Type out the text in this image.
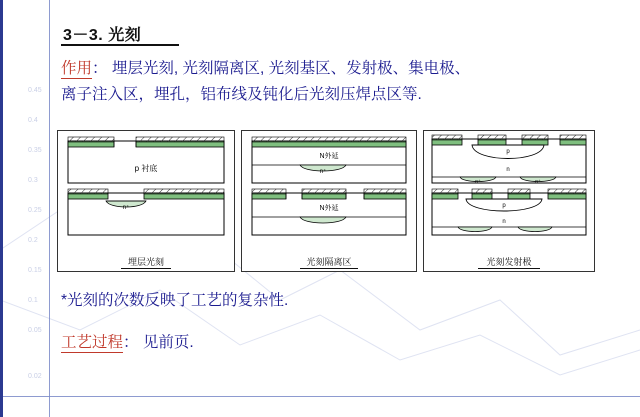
0.45
0.4
0.35
0.3
0.25
0.2
0.15
0.1
0.05
0.02
3－3. 光刻
作用： 埋层光刻, 光刻隔离区, 光刻基区、发射极、集电极、
离子注入区，埋孔，铝布线及钝化后光刻压焊点区等.
p 衬底
n⁺
埋层光刻
N外延
n⁺
N外延
光刻隔离区
p
n
n⁺	n⁺
p
n
光刻发射极
*光刻的次数反映了工艺的复杂性.
工艺过程： 见前页.
